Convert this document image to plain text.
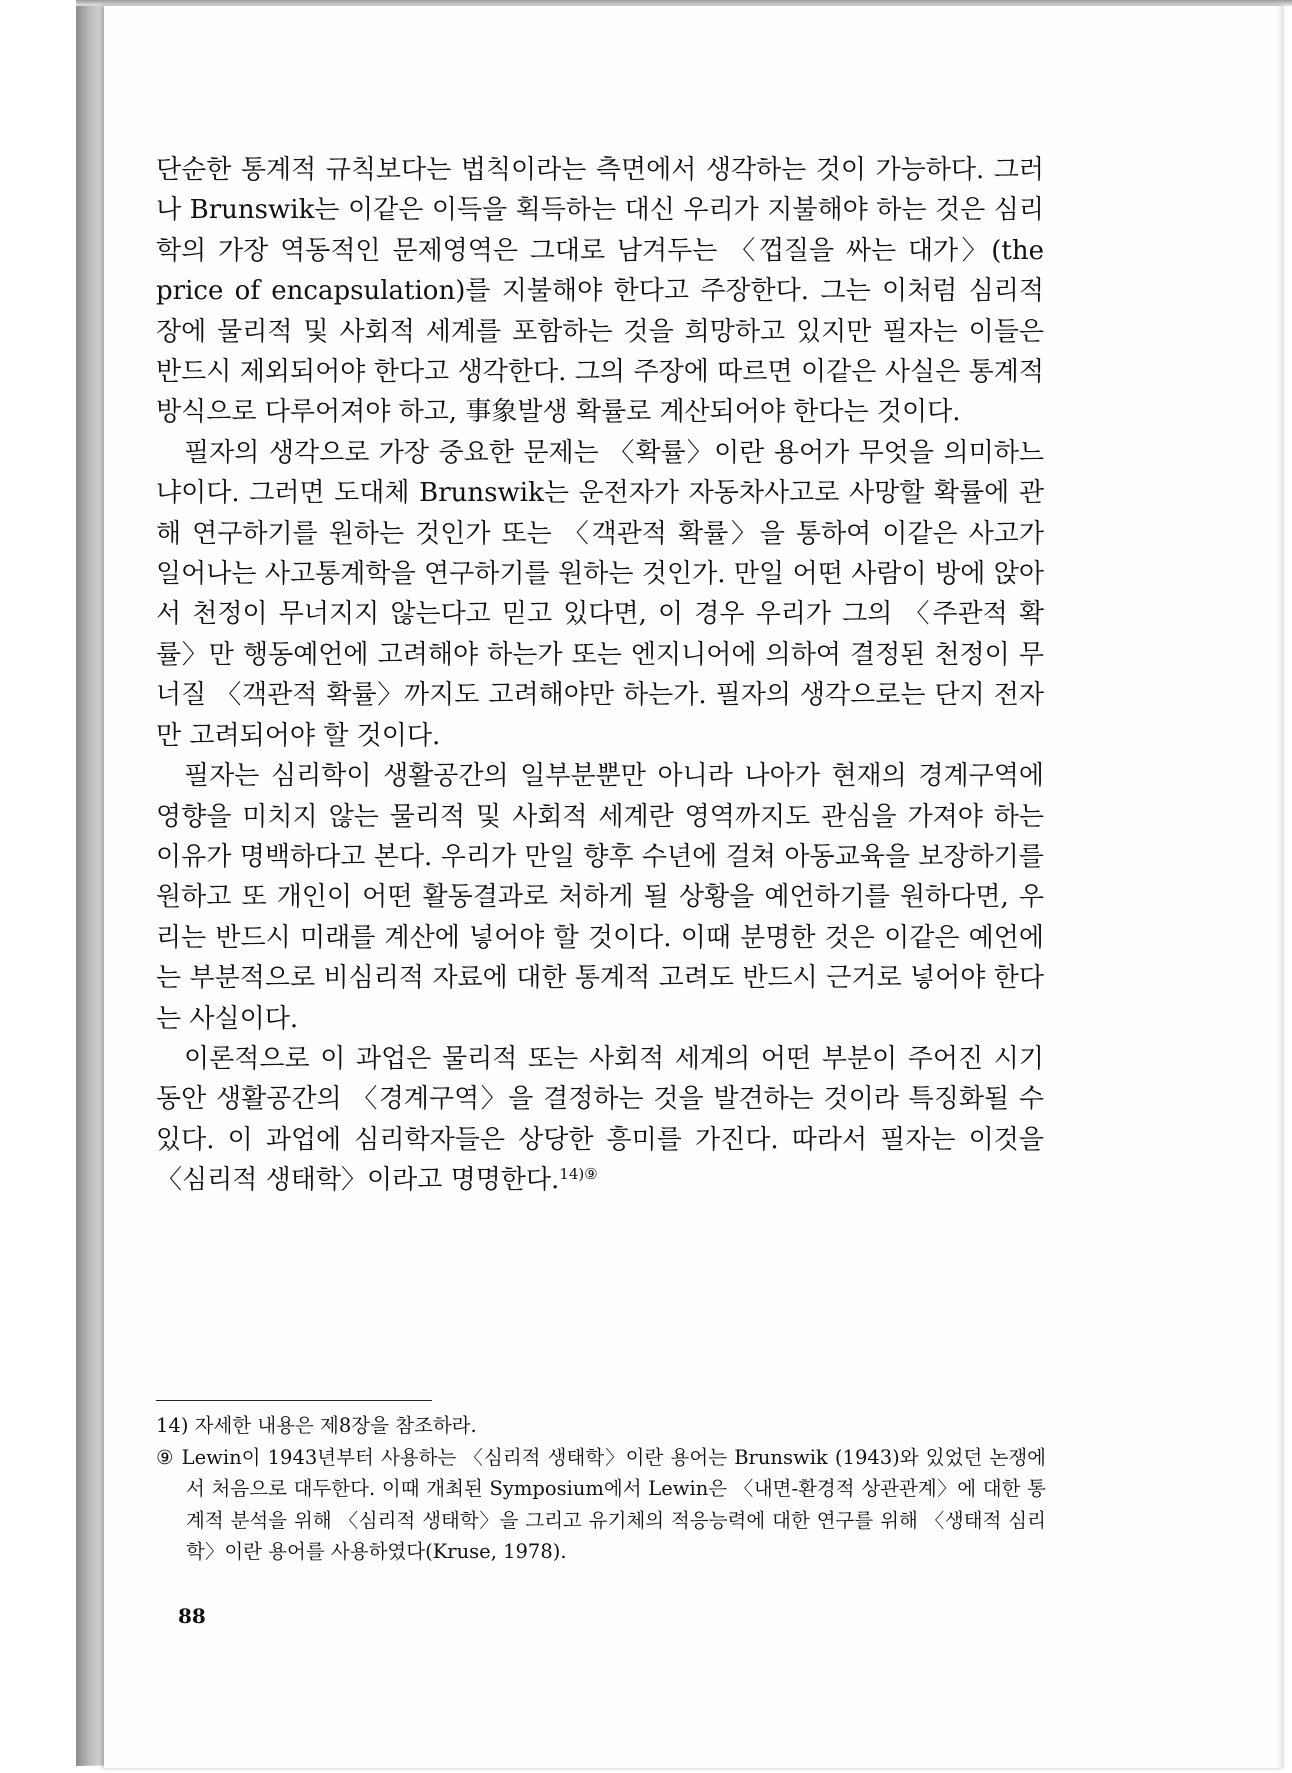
단순한 통계적 규칙보다는 법칙이라는 측면에서 생각하는 것이 가능하다. 그러나 Brunswik는 이같은 이득을 획득하는 대신 우리가 지불해야 하는 것은 심리학의 가장 역동적인 문제영역은 그대로 남겨두는 〈껍질을 싸는 대가〉(the price of encapsulation)를 지불해야 한다고 주장한다. 그는 이처럼 심리적 장에 물리적 및 사회적 세계를 포함하는 것을 희망하고 있지만 필자는 이들은 반드시 제외되어야 한다고 생각한다. 그의 주장에 따르면 이같은 사실은 통계적 방식으로 다루어져야 하고, 事象발생 확률로 계산되어야 한다는 것이다.

필자의 생각으로 가장 중요한 문제는 〈확률〉이란 용어가 무엇을 의미하느냐이다. 그러면 도대체 Brunswik는 운전자가 자동차사고로 사망할 확률에 관해 연구하기를 원하는 것인가 또는 〈객관적 확률〉을 통하여 이같은 사고가 일어나는 사고통계학을 연구하기를 원하는 것인가. 만일 어떤 사람이 방에 앉아서 천정이 무너지지 않는다고 믿고 있다면, 이 경우 우리가 그의 〈주관적 확률〉만 행동예언에 고려해야 하는가 또는 엔지니어에 의하여 결정된 천정이 무너질 〈객관적 확률〉까지도 고려해야만 하는가. 필자의 생각으로는 단지 전자만 고려되어야 할 것이다.

필자는 심리학이 생활공간의 일부분뿐만 아니라 나아가 현재의 경계구역에 영향을 미치지 않는 물리적 및 사회적 세계란 영역까지도 관심을 가져야 하는 이유가 명백하다고 본다. 우리가 만일 향후 수년에 걸쳐 아동교육을 보장하기를 원하고 또 개인이 어떤 활동결과로 처하게 될 상황을 예언하기를 원하다면, 우리는 반드시 미래를 계산에 넣어야 할 것이다. 이때 분명한 것은 이같은 예언에는 부분적으로 비심리적 자료에 대한 통계적 고려도 반드시 근거로 넣어야 한다는 사실이다.

이론적으로 이 과업은 물리적 또는 사회적 세계의 어떤 부분이 주어진 시기동안 생활공간의 〈경계구역〉을 결정하는 것을 발견하는 것이라 특징화될 수 있다. 이 과업에 심리학자들은 상당한 흥미를 가진다. 따라서 필자는 이것을 〈심리적 생태학〉이라고 명명한다.$^{14)⑨}$

14) 자세한 내용은 제8장을 참조하라.

⑨ Lewin이 1943년부터 사용하는 〈심리적 생태학〉이란 용어는 Brunswik (1943)와 있었던 논쟁에서 처음으로 대두한다. 이때 개최된 Symposium에서 Lewin은 〈내면-환경적 상관관계〉에 대한 통계적 분석을 위해 〈심리적 생태학〉을 그리고 유기체의 적응능력에 대한 연구를 위해 〈생태적 심리학〉이란 용어를 사용하였다(Kruse, 1978).

88
